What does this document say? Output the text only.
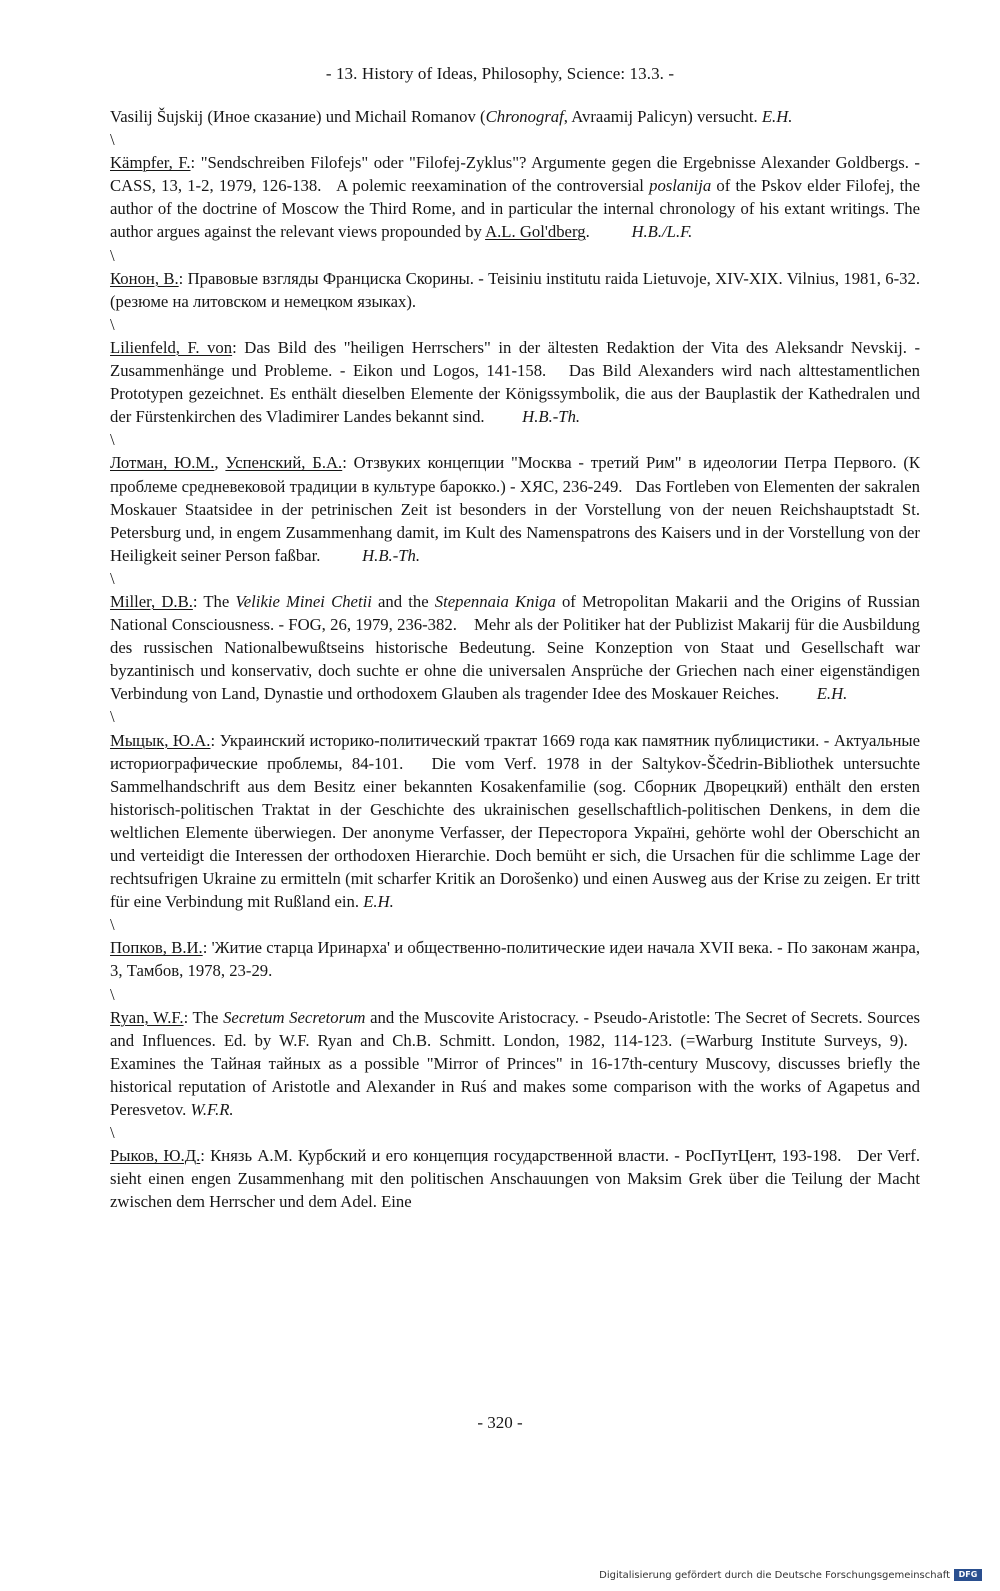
- 13. History of Ideas, Philosophy, Science: 13.3. -

Vasilij Šujskij (Иное сказание) und Michail Romanov (Chronograf, Avraamij Palicyn) versucht. E.H.

\

Kämpfer, F.: "Sendschreiben Filofejs" oder "Filofej-Zyklus"? Argumente gegen die Ergebnisse Alexander Goldbergs. - CASS, 13, 1-2, 1979, 126-138.   A polemic reexamination of the controversial poslanija of the Pskov elder Filofej, the author of the doctrine of Moscow the Third Rome, and in particular the internal chronology of his extant writings. The author argues against the relevant views propounded by A.L. Gol'dberg.          H.B./L.F.

\

Конон, В.: Правовые взгляды Франциска Скорины. - Teisiniu institutu raida Lietuvoje, XIV-XIX. Vilnius, 1981, 6-32. (резюме на литовском и немецком языках).

\

Lilienfeld, F. von: Das Bild des "heiligen Herrschers" in der ältesten Redaktion der Vita des Aleksandr Nevskij. - Zusammenhänge und Probleme. - Eikon und Logos, 141-158.   Das Bild Alexanders wird nach alttestamentlichen Prototypen gezeichnet. Es enthält dieselben Elemente der Königssymbolik, die aus der Bauplastik der Kathedralen und der Fürstenkirchen des Vladimirer Landes bekannt sind.         H.B.-Th.

\

Лотман, Ю.М., Успенский, Б.А.: Отзвуких концепции "Москва - третий Рим" в идеологии Петра Первого. (К проблеме средневековой традиции в культуре барокко.) - ХЯС, 236-249.   Das Fortleben von Elementen der sakralen Moskauer Staatsidee in der petrinischen Zeit ist besonders in der Vorstellung von der neuen Reichshauptstadt St. Petersburg und, in engem Zusammenhang damit, im Kult des Namenspatrons des Kaisers und in der Vorstellung von der Heiligkeit seiner Person faßbar.          H.B.-Th.

\

Miller, D.B.: The Velikie Minei Chetii and the Stepennaia Kniga of Metropolitan Makarii and the Origins of Russian National Consciousness. - FOG, 26, 1979, 236-382.    Mehr als der Politiker hat der Publizist Makarij für die Ausbildung des russischen Nationalbewußtseins historische Bedeutung. Seine Konzeption von Staat und Gesellschaft war byzantinisch und konservativ, doch suchte er ohne die universalen Ansprüche der Griechen nach einer eigenständigen Verbindung von Land, Dynastie und orthodoxem Glauben als tragender Idee des Moskauer Reiches.         E.H.

\

Мыцык, Ю.А.: Украинский историко-политический трактат 1669 года как памятник публицистики. - Актуальные историографические проблемы, 84-101.   Die vom Verf. 1978 in der Saltykov-Ščedrin-Bibliothek untersuchte Sammelhandschrift aus dem Besitz einer bekannten Kosakenfamilie (sog. Сборник Дворецкий) enthält den ersten historisch-politischen Traktat in der Geschichte des ukrainischen gesellschaftlich-politischen Denkens, in dem die weltlichen Elemente überwiegen. Der anonyme Verfasser, der Пересторога Україні, gehörte wohl der Oberschicht an und verteidigt die Interessen der orthodoxen Hierarchie. Doch bemüht er sich, die Ursachen für die schlimme Lage der rechtsufrigen Ukraine zu ermitteln (mit scharfer Kritik an Dorošenko) und einen Ausweg aus der Krise zu zeigen. Er tritt für eine Verbindung mit Rußland ein. E.H.

\

Попков, В.И.: 'Житие старца Иринарха' и общественно-политические идеи начала XVII века. - По законам жанра, 3, Тамбов, 1978, 23-29.

\

Ryan, W.F.: The Secretum Secretorum and the Muscovite Aristocracy. - Pseudo-Aristotle: The Secret of Secrets. Sources and Influences. Ed. by W.F. Ryan and Ch.B. Schmitt. London, 1982, 114-123. (=Warburg Institute Surveys, 9).   Examines the Тайная тайных as a possible "Mirror of Princes" in 16-17th-century Muscovy, discusses briefly the historical reputation of Aristotle and Alexander in Ruś and makes some comparison with the works of Agapetus and Peresvetov. W.F.R.

\

Рыков, Ю.Д.: Князь А.М. Курбский и его концепция государственной власти. - РосПутЦент, 193-198.   Der Verf. sieht einen engen Zusammenhang mit den politischen Anschauungen von Maksim Grek über die Teilung der Macht zwischen dem Herrscher und dem Adel. Eine

- 320 -
Digitalisierung gefördert durch die Deutsche Forschungsgemeinschaft	DFG
